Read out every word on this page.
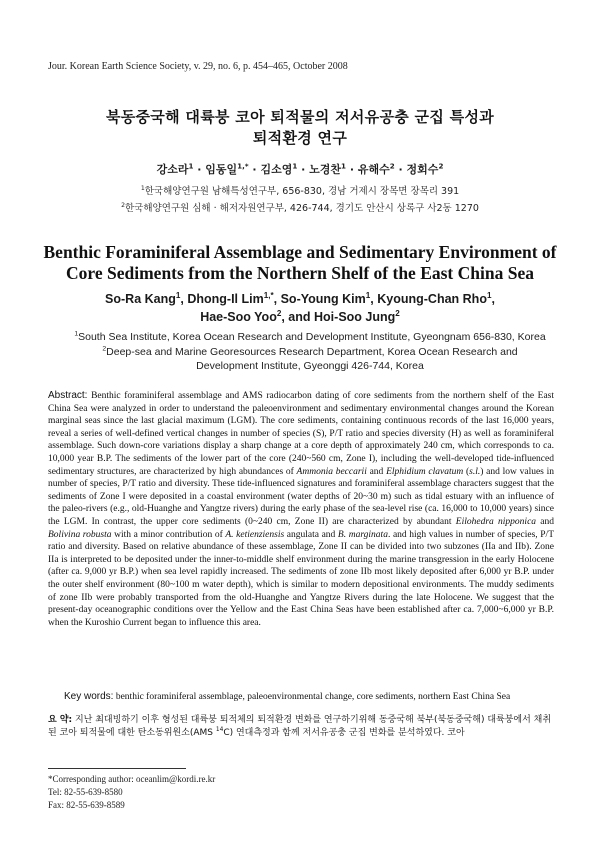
Jour. Korean Earth Science Society, v. 29, no. 6, p. 454–465, October 2008
북동중국해 대륙붕 코아 퇴적물의 저서유공충 군집 특성과
퇴적환경 연구
강소라$^1$ · 임동일$^{1,*}$ · 김소영$^1$ · 노경찬$^1$ · 유해수$^2$ · 정회수$^2$
$^1$한국해양연구원 남해특성연구부, 656-830, 경남 거제시 장목면 장목리 391
$^2$한국해양연구원 심해 · 해저자원연구부, 426-744, 경기도 안산시 상록구 사2동 1270
Benthic Foraminiferal Assemblage and Sedimentary Environment of
Core Sediments from the Northern Shelf of the East China Sea
So-Ra Kang$^1$, Dhong-Il Lim$^{1,*}$, So-Young Kim$^1$, Kyoung-Chan Rho$^1$,
Hae-Soo Yoo$^2$, and Hoi-Soo Jung$^2$
$^1$South Sea Institute, Korea Ocean Research and Development Institute, Gyeongnam 656-830, Korea
$^2$Deep-sea and Marine Georesources Research Department, Korea Ocean Research and
Development Institute, Gyeonggi 426-744, Korea
Abstract: Benthic foraminiferal assemblage and AMS radiocarbon dating of core sediments from the northern shelf of the East China Sea were analyzed in order to understand the paleoenvironment and sedimentary environmental changes around the Korean marginal seas since the last glacial maximum (LGM). The core sediments, containing continuous records of the last 16,000 years, reveal a series of well-defined vertical changes in number of species (S), P/T ratio and species diversity (H) as well as foraminiferal assemblage. Such down-core variations display a sharp change at a core depth of approximately 240 cm, which corresponds to ca. 10,000 year B.P. The sediments of the lower part of the core (240~560 cm, Zone I), including the well-developed tide-influenced sedimentary structures, are characterized by high abundances of Ammonia beccarii and Elphidium clavatum (s.l.) and low values in number of species, P/T ratio and diversity. These tide-influenced signatures and foraminiferal assemblage characters suggest that the sediments of Zone I were deposited in a coastal environment (water depths of 20~30 m) such as tidal estuary with an influence of the paleo-rivers (e.g., old-Huanghe and Yangtze rivers) during the early phase of the sea-level rise (ca. 16,000 to 10,000 years) since the LGM. In contrast, the upper core sediments (0~240 cm, Zone II) are characterized by abundant Eilohedra nipponica and Bolivina robusta with a minor contribution of A. ketienziensis angulata and B. marginata. and high values in number of species, P/T ratio and diversity. Based on relative abundance of these assemblage, Zone II can be divided into two subzones (IIa and IIb). Zone IIa is interpreted to be deposited under the inner-to-middle shelf environment during the marine transgression in the early Holocene (after ca. 9,000 yr B.P.) when sea level rapidly increased. The sediments of zone IIb most likely deposited after 6,000 yr B.P. under the outer shelf environment (80~100 m water depth), which is similar to modern depositional environments. The muddy sediments of zone IIb were probably transported from the old-Huanghe and Yangtze Rivers during the late Holocene. We suggest that the present-day oceanographic conditions over the Yellow and the East China Seas have been established after ca. 7,000~6,000 yr B.P. when the Kuroshio Current began to influence this area.
Key words: benthic foraminiferal assemblage, paleoenvironmental change, core sediments, northern East China Sea
요 약: 지난 최대빙하기 이후 형성된 대륙붕 퇴적체의 퇴적환경 변화를 연구하기위해 동중국해 북부(북동중국해) 대륙붕에서 채취된 코아 퇴적물에 대한 탄소동위원소(AMS $^{14}$C) 연대측정과 함께 저서유공충 군집 변화를 분석하였다. 코아
*Corresponding author: oceanlim@kordi.re.kr
Tel: 82-55-639-8580
Fax: 82-55-639-8589
